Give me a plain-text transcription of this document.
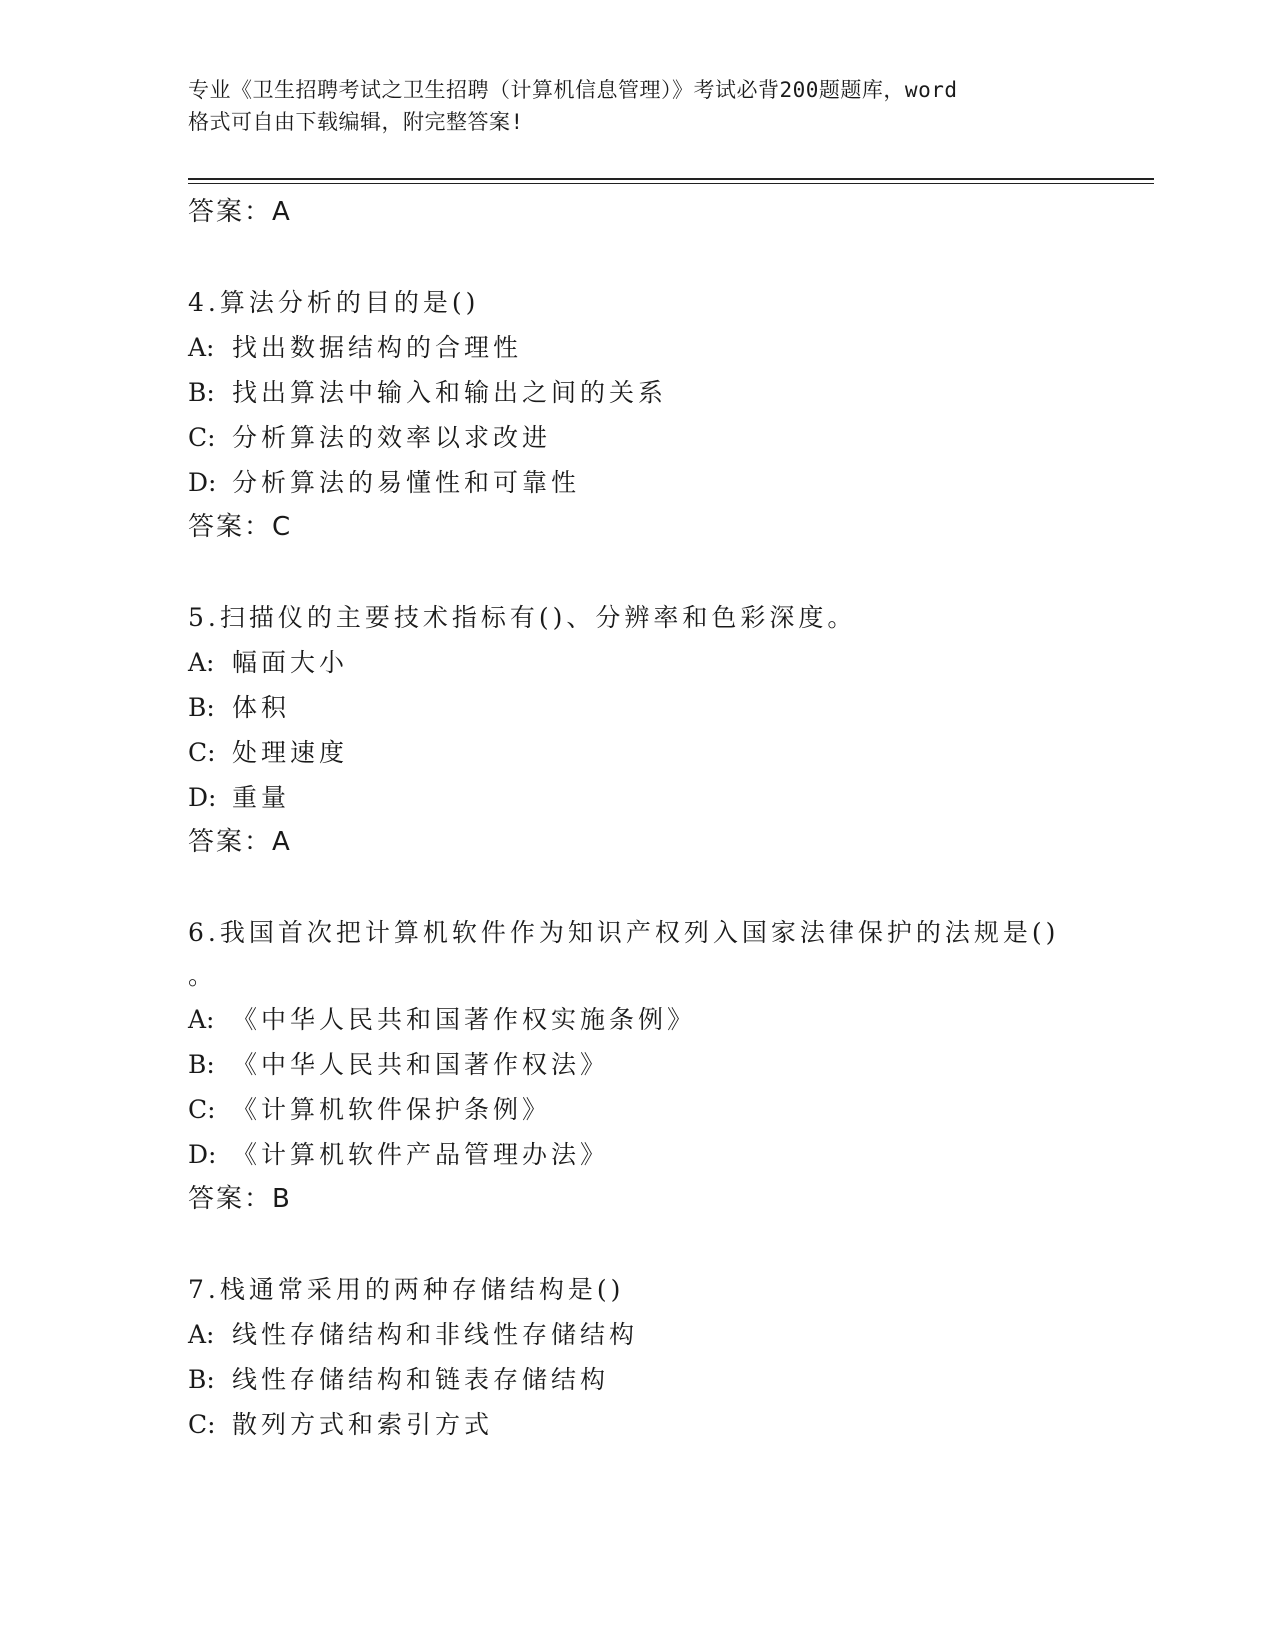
专业《卫生招聘考试之卫生招聘（计算机信息管理）》考试必背200题题库，word
格式可自由下载编辑，附完整答案!
答案：A
4.算法分析的目的是()
A: 找出数据结构的合理性
B: 找出算法中输入和输出之间的关系
C: 分析算法的效率以求改进
D: 分析算法的易懂性和可靠性
答案：C
5.扫描仪的主要技术指标有()、分辨率和色彩深度。
A: 幅面大小
B: 体积
C: 处理速度
D: 重量
答案：A
6.我国首次把计算机软件作为知识产权列入国家法律保护的法规是()
。
A: 《中华人民共和国著作权实施条例》
B: 《中华人民共和国著作权法》
C: 《计算机软件保护条例》
D: 《计算机软件产品管理办法》
答案：B
7.栈通常采用的两种存储结构是()
A: 线性存储结构和非线性存储结构
B: 线性存储结构和链表存储结构
C: 散列方式和索引方式
